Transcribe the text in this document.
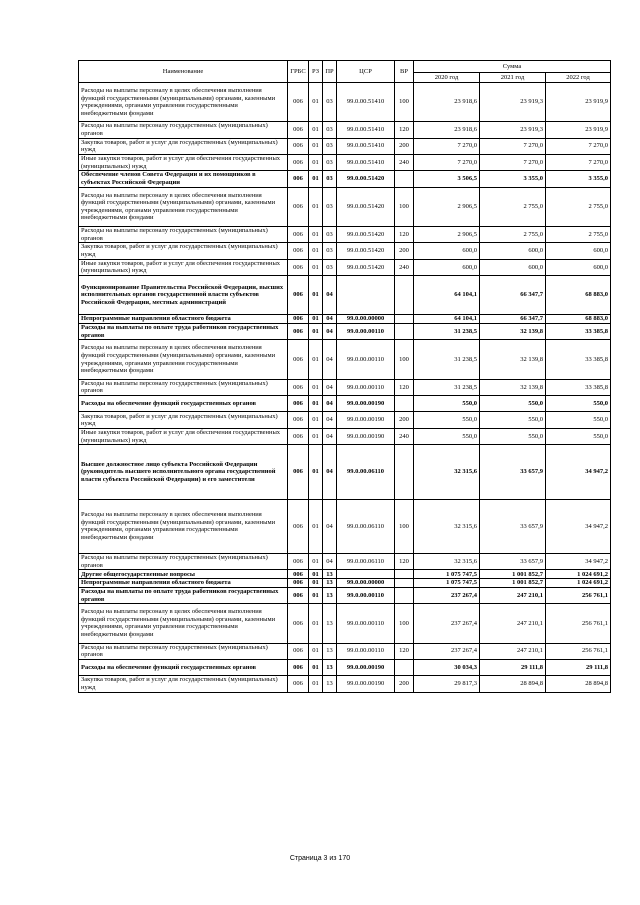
Наименование	ГРБС	РЗ	ПР	ЦСР	ВР	Сумма		
						2020 год	2021 год	2022 год
Расходы на выплаты персоналу в целях обеспечения выполнения функций государственными (муниципальными) органами, казенными учреждениями, органами управления государственными внебюджетными фондами	006	01	03	99.0.00.51410	100	23 918,6	23 919,3	23 919,9
Расходы на выплаты персоналу государственных (муниципальных) органов	006	01	03	99.0.00.51410	120	23 918,6	23 919,3	23 919,9
Закупка товаров, работ и услуг для государственных (муниципальных) нужд	006	01	03	99.0.00.51410	200	7 270,0	7 270,0	7 270,0
Иные закупки товаров, работ и услуг для обеспечения государственных (муниципальных) нужд	006	01	03	99.0.00.51410	240	7 270,0	7 270,0	7 270,0
Обеспечение членов Совета Федерации и их помощников в субъектах Российской Федерации	006	01	03	99.0.00.51420		3 506,5	3 355,0	3 355,0
Расходы на выплаты персоналу в целях обеспечения выполнения функций государственными (муниципальными) органами, казенными учреждениями, органами управления государственными внебюджетными фондами	006	01	03	99.0.00.51420	100	2 906,5	2 755,0	2 755,0
Расходы на выплаты персоналу государственных (муниципальных) органов	006	01	03	99.0.00.51420	120	2 906,5	2 755,0	2 755,0
Закупка товаров, работ и услуг для государственных (муниципальных) нужд	006	01	03	99.0.00.51420	200	600,0	600,0	600,0
Иные закупки товаров, работ и услуг для обеспечения государственных (муниципальных) нужд	006	01	03	99.0.00.51420	240	600,0	600,0	600,0
Функционирование Правительства Российской Федерации, высших исполнительных органов государственной власти субъектов Российской Федерации, местных администраций	006	01	04			64 104,1	66 347,7	68 883,0
Непрограммные направления областного бюджета	006	01	04	99.0.00.00000		64 104,1	66 347,7	68 883,0
Расходы на выплаты по оплате труда работников государственных органов	006	01	04	99.0.00.00110		31 238,5	32 139,8	33 385,8
Расходы на выплаты персоналу в целях обеспечения выполнения функций государственными (муниципальными) органами, казенными учреждениями, органами управления государственными внебюджетными фондами	006	01	04	99.0.00.00110	100	31 238,5	32 139,8	33 385,8
Расходы на выплаты персоналу государственных (муниципальных) органов	006	01	04	99.0.00.00110	120	31 238,5	32 139,8	33 385,8
Расходы на обеспечение функций государственных органов	006	01	04	99.0.00.00190		550,0	550,0	550,0
Закупка товаров, работ и услуг для государственных (муниципальных) нужд	006	01	04	99.0.00.00190	200	550,0	550,0	550,0
Иные закупки товаров, работ и услуг для обеспечения государственных (муниципальных) нужд	006	01	04	99.0.00.00190	240	550,0	550,0	550,0
Высшее должностное лицо субъекта Российской Федерации (руководитель высшего исполнительного органа государственной власти субъекта Российской Федерации) и его заместители	006	01	04	99.0.00.06110		32 315,6	33 657,9	34 947,2
Расходы на выплаты персоналу в целях обеспечения выполнения функций государственными (муниципальными) органами, казенными учреждениями, органами управления государственными внебюджетными фондами	006	01	04	99.0.00.06110	100	32 315,6	33 657,9	34 947,2
Расходы на выплаты персоналу государственных (муниципальных) органов	006	01	04	99.0.00.06110	120	32 315,6	33 657,9	34 947,2
Другие общегосударственные вопросы	006	01	13			1 075 747,5	1 001 852,7	1 024 691,2
Непрограммные направления областного бюджета	006	01	13	99.0.00.00000		1 075 747,5	1 001 852,7	1 024 691,2
Расходы на выплаты по оплате труда работников государственных органов	006	01	13	99.0.00.00110		237 267,4	247 210,1	256 761,1
Расходы на выплаты персоналу в целях обеспечения выполнения функций государственными (муниципальными) органами, казенными учреждениями, органами управления государственными внебюджетными фондами	006	01	13	99.0.00.00110	100	237 267,4	247 210,1	256 761,1
Расходы на выплаты персоналу государственных (муниципальных) органов	006	01	13	99.0.00.00110	120	237 267,4	247 210,1	256 761,1
Расходы на обеспечение функций государственных органов	006	01	13	99.0.00.00190		30 034,3	29 111,8	29 111,8
Закупка товаров, работ и услуг для государственных (муниципальных) нужд	006	01	13	99.0.00.00190	200	29 817,3	28 894,8	28 894,8
Страница 3 из 170
